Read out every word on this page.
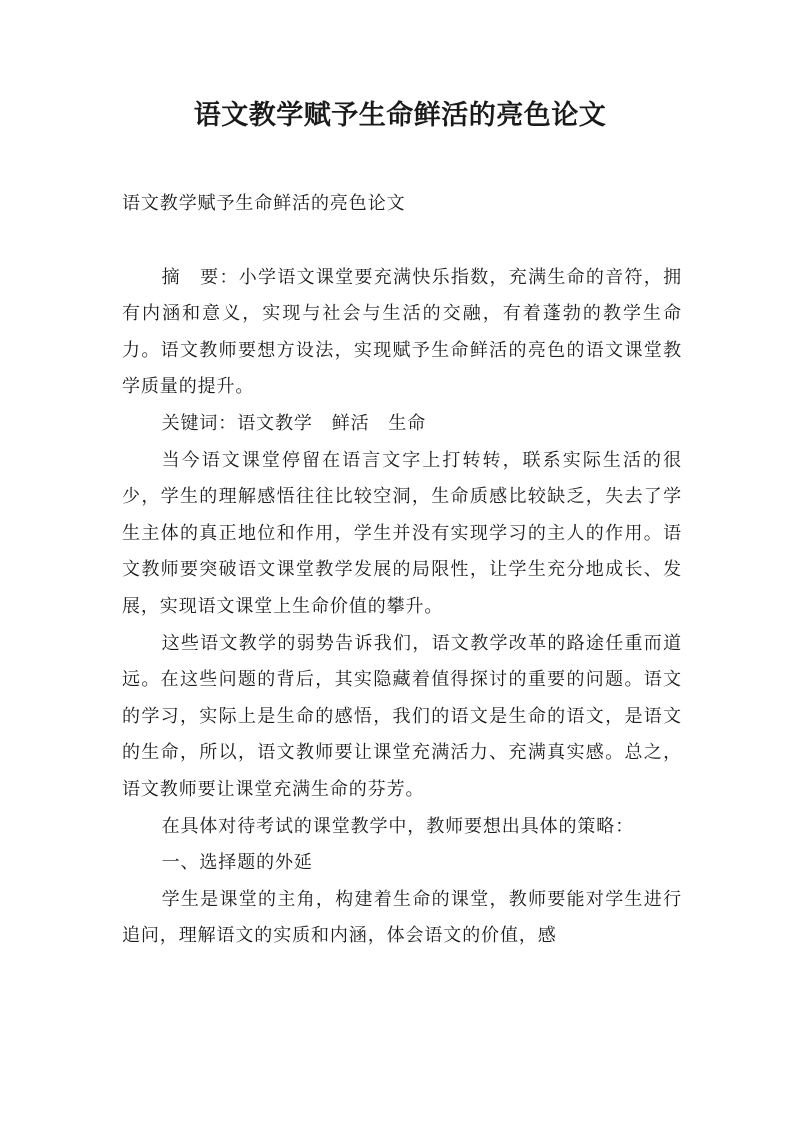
语文教学赋予生命鲜活的亮色论文

语文教学赋予生命鲜活的亮色论文

摘　要：小学语文课堂要充满快乐指数，充满生命的音符，拥有内涵和意义，实现与社会与生活的交融，有着蓬勃的教学生命力。语文教师要想方设法，实现赋予生命鲜活的亮色的语文课堂教学质量的提升。

关键词：语文教学　鲜活　生命

当今语文课堂停留在语言文字上打转转，联系实际生活的很少，学生的理解感悟往往比较空洞，生命质感比较缺乏，失去了学生主体的真正地位和作用，学生并没有实现学习的主人的作用。语文教师要突破语文课堂教学发展的局限性，让学生充分地成长、发展，实现语文课堂上生命价值的攀升。

这些语文教学的弱势告诉我们，语文教学改革的路途任重而道远。在这些问题的背后，其实隐藏着值得探讨的重要的问题。语文的学习，实际上是生命的感悟，我们的语文是生命的语文，是语文的生命，所以，语文教师要让课堂充满活力、充满真实感。总之，语文教师要让课堂充满生命的芬芳。

在具体对待考试的课堂教学中，教师要想出具体的策略：

一、选择题的外延

学生是课堂的主角，构建着生命的课堂，教师要能对学生进行追问，理解语文的实质和内涵，体会语文的价值，感
